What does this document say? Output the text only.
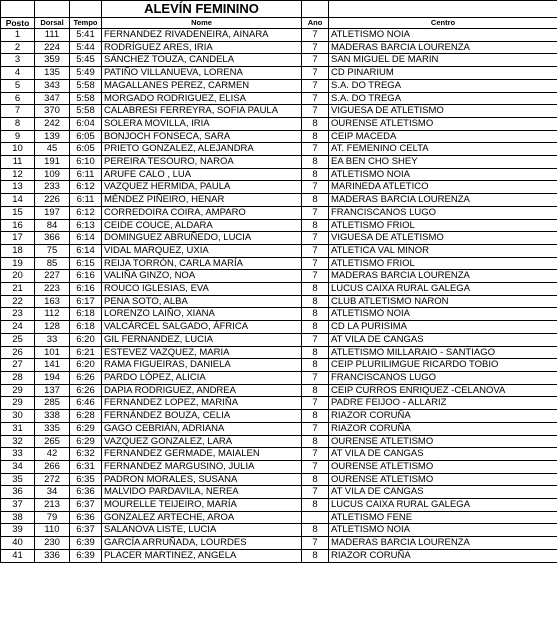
			ALEVÍN FEMININO		
Posto	Dorsal	Tempo	Nome	Ano	Centro
1	111	5:41	FERNANDEZ RIVADENEIRA, AINARA	7	ATLETISMO NOIA
2	224	5:44	RODRÍGUEZ ARES, IRIA	7	MADERAS BARCIA LOURENZA
3	359	5:45	SÁNCHEZ TOUZA, CANDELA	7	SAN MIGUEL DE MARIN
4	135	5:49	PATIÑO VILLANUEVA, LORENA	7	CD PINARIUM
5	343	5:58	MAGALLANES PEREZ, CARMEN	7	S.A. DO TREGA
6	347	5:58	MORGADO RODRIGUEZ, ELISA	7	S.A. DO TREGA
7	370	5:58	CALABRESI FERREYRA, SOFIA PAULA	7	VIGUESA DE ATLETISMO
8	242	6:04	SOLERA MOVILLA, IRIA	8	OURENSE ATLETISMO
9	139	6:05	BONJOCH FONSECA, SARA	8	CEIP MACEDA
10	45	6:05	PRIETO GONZALEZ, ALEJANDRA	7	AT. FEMENINO CELTA
11	191	6:10	PEREIRA TESOURO, NAROA	8	EA BEN CHO SHEY
12	109	6:11	ARUFE CALO , LUA	8	ATLETISMO NOIA
13	233	6:12	VAZQUEZ HERMIDA, PAULA	7	MARINEDA ATLETICO
14	226	6:11	MÉNDEZ PIÑEIRO, HENAR	8	MADERAS BARCIA LOURENZA
15	197	6:12	CORREDOIRA COIRA, AMPARO	7	FRANCISCANOS LUGO
16	84	6:13	CEIDE COUCE, ALDARA	8	ATLETISMO FRIOL
17	366	6:14	DOMINGUEZ ABRUÑEDO, LUCIA	7	VIGUESA DE ATLETISMO
18	75	6:14	VIDAL MARQUEZ, UXIA	7	ATLETICA VAL MINOR
19	85	6:15	REIJA TORRÓN, CARLA MARÍA	7	ATLETISMO FRIOL
20	227	6:16	VALIÑA GINZO, NOA	7	MADERAS BARCIA LOURENZA
21	223	6:16	ROUCO IGLESIAS, EVA	8	LUCUS CAIXA RURAL GALEGA
22	163	6:17	PENA SOTO, ALBA	8	CLUB ATLETISMO NARON
23	112	6:18	LORENZO LAIÑO, XIANA	8	ATLETISMO NOIA
24	128	6:18	VALCÁRCEL SALGADO, ÁFRICA	8	CD LA PURISIMA
25	33	6:20	GIL FERNANDEZ, LUCIA	7	AT VILA DE CANGAS
26	101	6:21	ESTEVEZ VAZQUEZ, MARIA	8	ATLETISMO MILLARAIO - SANTIAGO
27	141	6:20	RAMA FIGUEIRAS, DANIELA	8	CEIP PLURILIMGUE RICARDO TOBIO
28	194	6:26	PARDO LÓPEZ, ALICIA	7	FRANCISCANOS LUGO
29	137	6:26	DAPIA RODRIGUEZ, ANDREA	8	CEIP CURROS ENRIQUEZ -CELANOVA
29	285	6:46	FERNANDEZ LOPEZ, MARIÑA	7	PADRE FEIJOO - ALLARIZ
30	338	6:28	FERNÁNDEZ BOUZA, CELIA	8	RIAZOR CORUÑA
31	335	6:29	GAGO CEBRIÁN, ADRIANA	7	RIAZOR CORUÑA
32	265	6:29	VAZQUEZ GONZALEZ, LARA	8	OURENSE ATLETISMO
33	42	6:32	FERNANDEZ GERMADE, MAIALEN	7	AT VILA DE CANGAS
34	266	6:31	FERNANDEZ MARGUSINO, JULIA	7	OURENSE ATLETISMO
35	272	6:35	PADRON MORALES, SUSANA	8	OURENSE ATLETISMO
36	34	6:36	MALVIDO PARDAVILA, NEREA	7	AT VILA DE CANGAS
37	213	6:37	MOURELLE TEIJEIRO, MARÍA	8	LUCUS CAIXA RURAL GALEGA
38	79	6:36	GONZALEZ ARTECHE, AROA		ATLETISMO FENE
39	110	6:37	SALANOVA LISTE, LUCIA	8	ATLETISMO NOIA
40	230	6:39	GARCÍA ARRUÑADA, LOURDES	7	MADERAS BARCIA LOURENZA
41	336	6:39	PLACER MARTINEZ, ANGELA	8	RIAZOR CORUÑA
